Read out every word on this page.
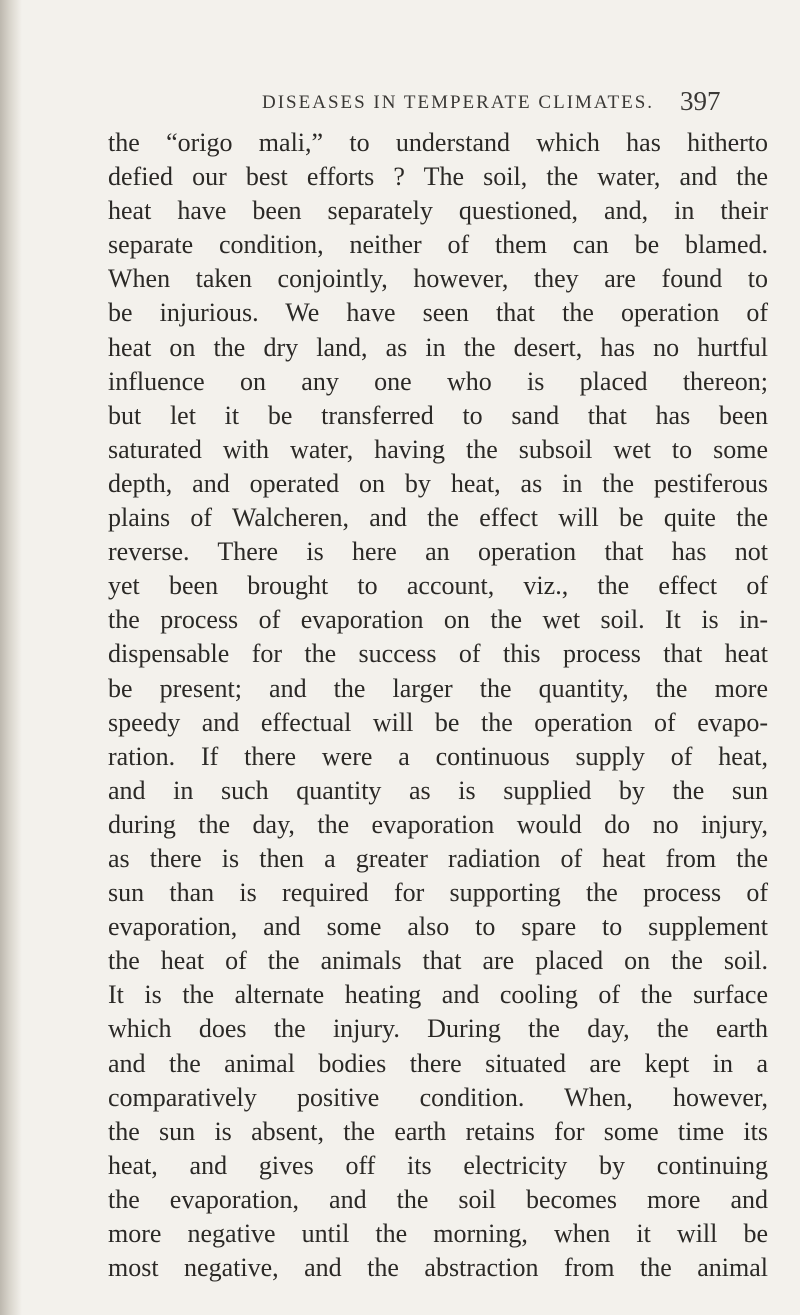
DISEASES IN TEMPERATE CLIMATES. 397
the “origo mali,” to understand which has hitherto
defied our best efforts ? The soil, the water, and the
heat have been separately questioned, and, in their
separate condition, neither of them can be blamed.
When taken conjointly, however, they are found to
be injurious. We have seen that the operation of
heat on the dry land, as in the desert, has no hurtful
influence on any one who is placed thereon;
but let it be transferred to sand that has been
saturated with water, having the subsoil wet to some
depth, and operated on by heat, as in the pestiferous
plains of Walcheren, and the effect will be quite the
reverse. There is here an operation that has not
yet been brought to account, viz., the effect of
the process of evaporation on the wet soil. It is in-
dispensable for the success of this process that heat
be present; and the larger the quantity, the more
speedy and effectual will be the operation of evapo-
ration. If there were a continuous supply of heat,
and in such quantity as is supplied by the sun
during the day, the evaporation would do no injury,
as there is then a greater radiation of heat from the
sun than is required for supporting the process of
evaporation, and some also to spare to supplement
the heat of the animals that are placed on the soil.
It is the alternate heating and cooling of the surface
which does the injury. During the day, the earth
and the animal bodies there situated are kept in a
comparatively positive condition. When, however,
the sun is absent, the earth retains for some time its
heat, and gives off its electricity by continuing
the evaporation, and the soil becomes more and
more negative until the morning, when it will be
most negative, and the abstraction from the animal
